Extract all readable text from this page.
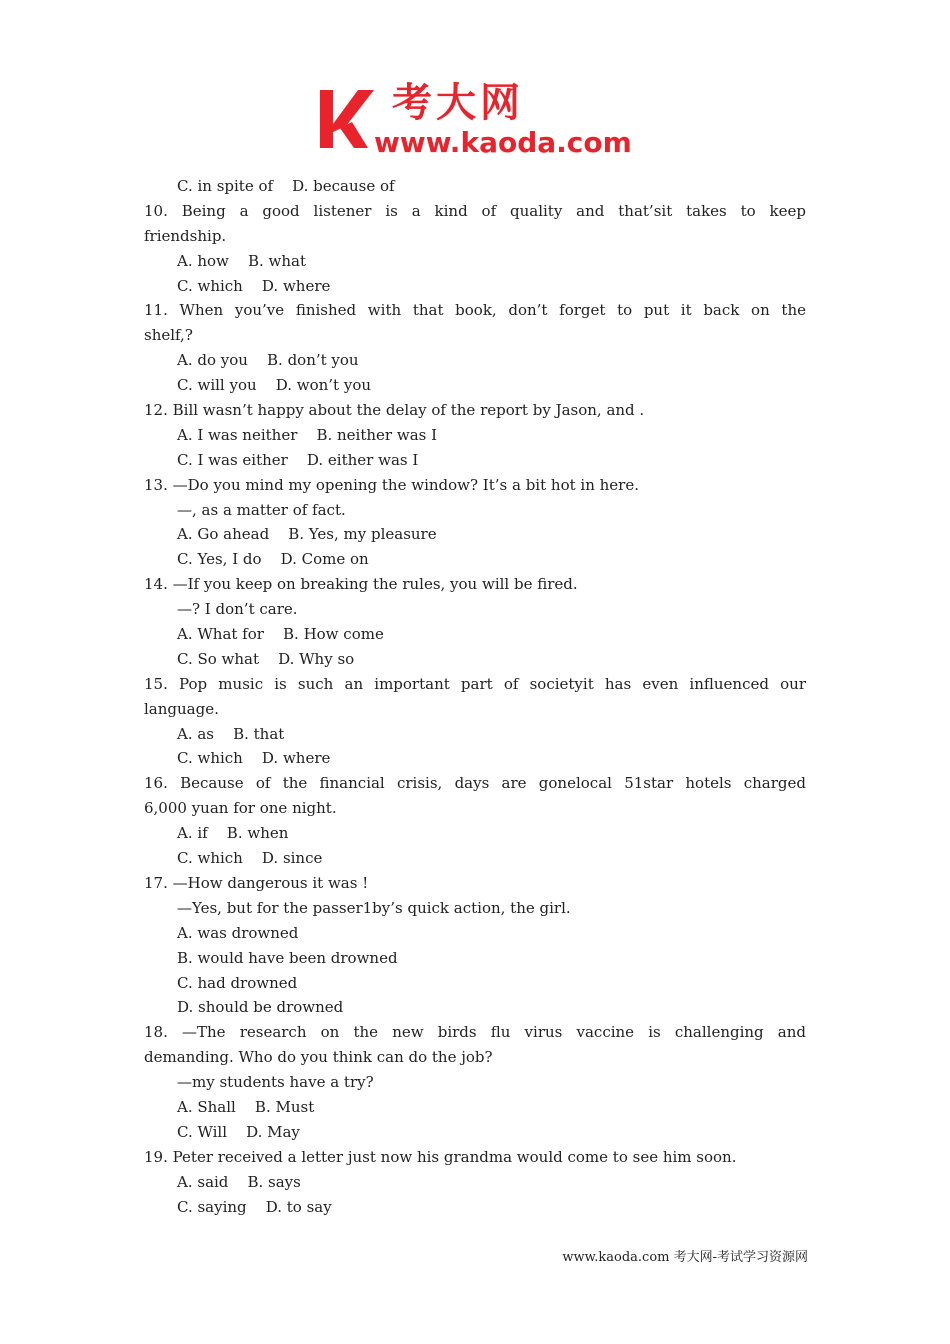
考大网
www.kaoda.com
C. in spite of    D. because of
10. Being a good listener is a kind of quality and that’sit takes to keep
friendship.
A. how    B. what
C. which    D. where
11. When you’ve finished with that book, don’t forget to put it back on the
shelf,?
A. do you    B. don’t you
C. will you    D. won’t you
12. Bill wasn’t happy about the delay of the report by Jason, and .
A. I was neither    B. neither was I
C. I was either    D. either was I
13. —Do you mind my opening the window? It’s a bit hot in here.
—, as a matter of fact.
A. Go ahead    B. Yes, my pleasure
C. Yes, I do    D. Come on
14. —If you keep on breaking the rules, you will be fired.
—? I don’t care.
A. What for    B. How come
C. So what    D. Why so
15. Pop music is such an important part of societyit has even influenced our
language.
A. as    B. that
C. which    D. where
16. Because of the financial crisis, days are gonelocal 51star hotels charged
6,000 yuan for one night.
A. if    B. when
C. which    D. since
17. —How dangerous it was !
—Yes, but for the passer1by’s quick action, the girl.
A. was drowned
B. would have been drowned
C. had drowned
D. should be drowned
18. —The research on the new birds flu virus vaccine is challenging and
demanding. Who do you think can do the job?
—my students have a try?
A. Shall    B. Must
C. Will    D. May
19. Peter received a letter just now his grandma would come to see him soon.
A. said    B. says
C. saying    D. to say
www.kaoda.com 考大网-考试学习资源网
